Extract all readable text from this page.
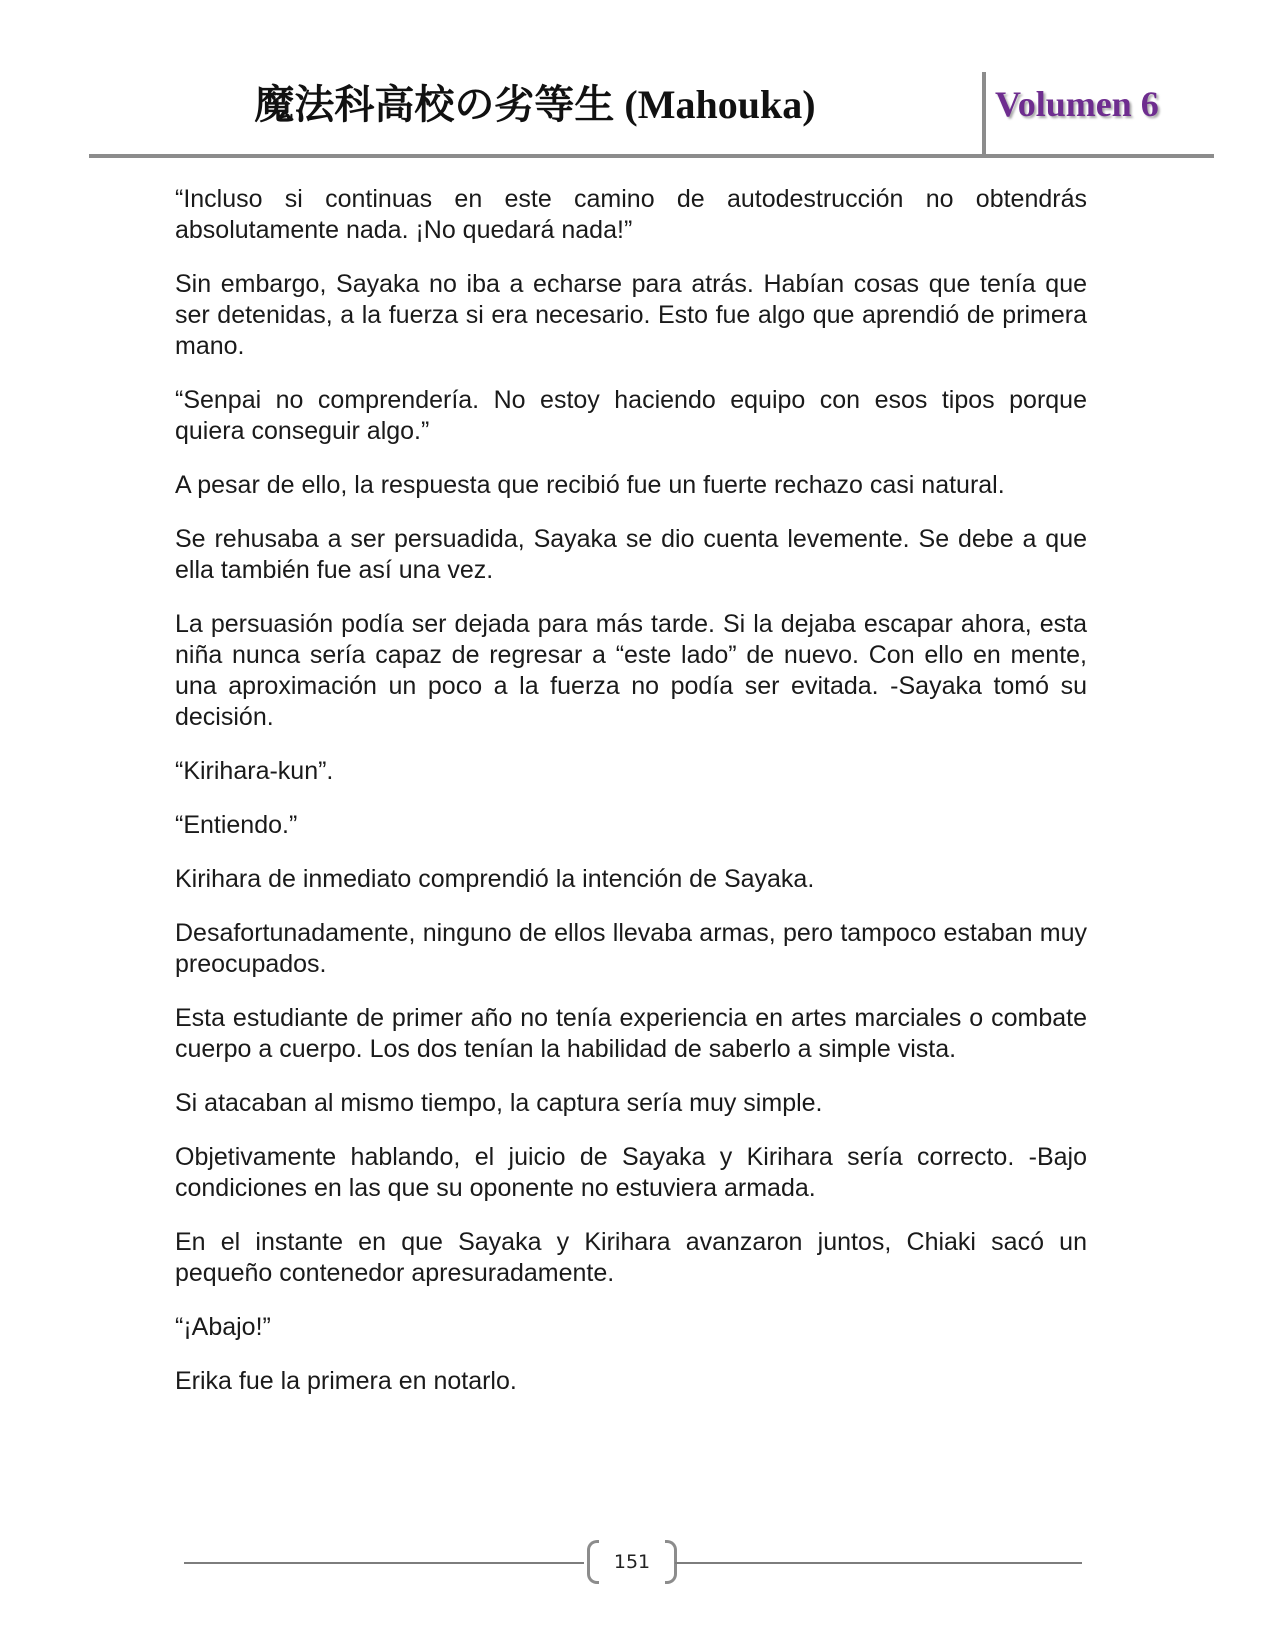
魔法科高校の劣等生 (Mahouka)	Volumen 6

“Incluso si continuas en este camino de autodestrucción no obtendrás absolutamente nada. ¡No quedará nada!”

Sin embargo, Sayaka no iba a echarse para atrás. Habían cosas que tenía que ser detenidas, a la fuerza si era necesario. Esto fue algo que aprendió de primera mano.

“Senpai no comprendería. No estoy haciendo equipo con esos tipos porque quiera conseguir algo.”

A pesar de ello, la respuesta que recibió fue un fuerte rechazo casi natural.

Se rehusaba a ser persuadida, Sayaka se dio cuenta levemente. Se debe a que ella también fue así una vez.

La persuasión podía ser dejada para más tarde. Si la dejaba escapar ahora, esta niña nunca sería capaz de regresar a “este lado” de nuevo. Con ello en mente, una aproximación un poco a la fuerza no podía ser evitada. -Sayaka tomó su decisión.

“Kirihara-kun”.

“Entiendo.”

Kirihara de inmediato comprendió la intención de Sayaka.

Desafortunadamente, ninguno de ellos llevaba armas, pero tampoco estaban muy preocupados.

Esta estudiante de primer año no tenía experiencia en artes marciales o combate cuerpo a cuerpo. Los dos tenían la habilidad de saberlo a simple vista.

Si atacaban al mismo tiempo, la captura sería muy simple.

Objetivamente hablando, el juicio de Sayaka y Kirihara sería correcto. -Bajo condiciones en las que su oponente no estuviera armada.

En el instante en que Sayaka y Kirihara avanzaron juntos, Chiaki sacó un pequeño contenedor apresuradamente.

“¡Abajo!”

Erika fue la primera en notarlo.

151
